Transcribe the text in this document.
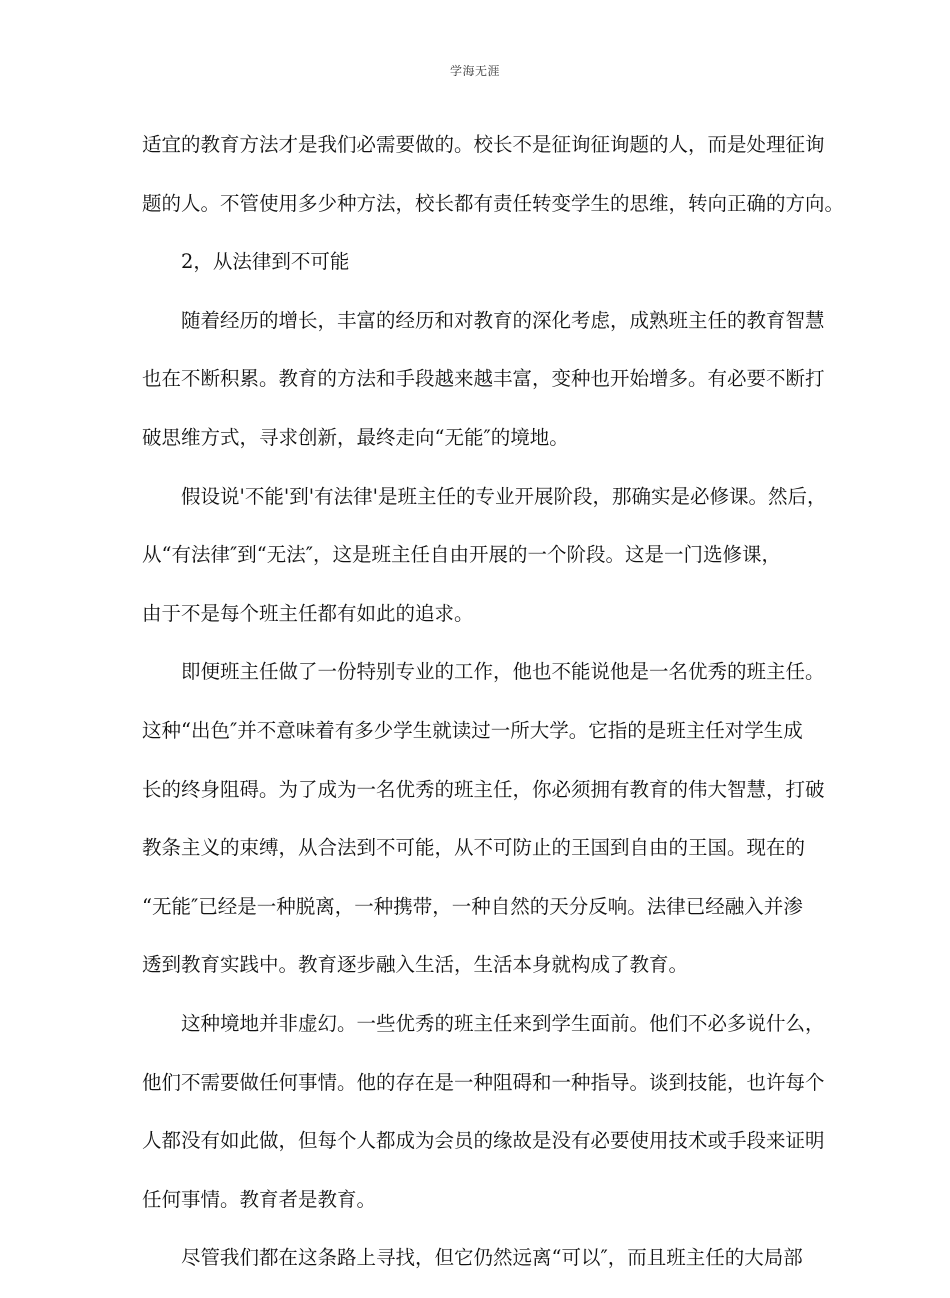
学海无涯
适宜的教育方法才是我们必需要做的。校长不是征询征询题的人，而是处理征询
题的人。不管使用多少种方法，校长都有责任转变学生的思维，转向正确的方向。
2，从法律到不可能
随着经历的增长，丰富的经历和对教育的深化考虑，成熟班主任的教育智慧
也在不断积累。教育的方法和手段越来越丰富，变种也开始增多。有必要不断打
破思维方式，寻求创新，最终走向“无能″的境地。
假设说'不能'到'有法律'是班主任的专业开展阶段，那确实是必修课。然后，
从“有法律″到“无法″，这是班主任自由开展的一个阶段。这是一门选修课，
由于不是每个班主任都有如此的追求。
即便班主任做了一份特别专业的工作，他也不能说他是一名优秀的班主任。
这种“出色″并不意味着有多少学生就读过一所大学。它指的是班主任对学生成
长的终身阻碍。为了成为一名优秀的班主任，你必须拥有教育的伟大智慧，打破
教条主义的束缚，从合法到不可能，从不可防止的王国到自由的王国。现在的
“无能″已经是一种脱离，一种携带，一种自然的天分反响。法律已经融入并渗
透到教育实践中。教育逐步融入生活，生活本身就构成了教育。
这种境地并非虚幻。一些优秀的班主任来到学生面前。他们不必多说什么，
他们不需要做任何事情。他的存在是一种阻碍和一种指导。谈到技能，也许每个
人都没有如此做，但每个人都成为会员的缘故是没有必要使用技术或手段来证明
任何事情。教育者是教育。
尽管我们都在这条路上寻找，但它仍然远离“可以″，而且班主任的大局部
